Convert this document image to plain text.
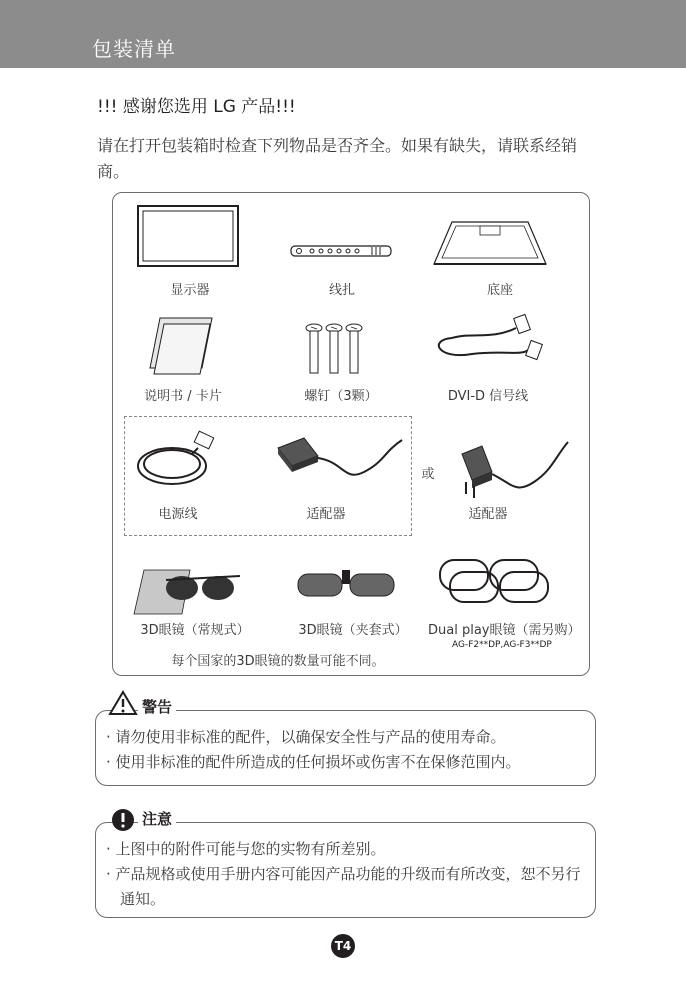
包装清单
!!! 感谢您选用 LG 产品!!!
请在打开包装箱时检查下列物品是否齐全。如果有缺失，请联系经销商。
显示器	线扎	底座
说明书 / 卡片	螺钉（3颗）	DVI-D 信号线
电源线	适配器
或
适配器
3D眼镜（常规式）	3D眼镜（夹套式）	Dual play眼镜（需另购）
AG-F2**DP,AG-F3**DP
每个国家的3D眼镜的数量可能不同。
· 请勿使用非标准的配件，以确保安全性与产品的使用寿命。
· 使用非标准的配件所造成的任何损坏或伤害不在保修范围内。
警告
· 上图中的附件可能与您的实物有所差别。
· 产品规格或使用手册内容可能因产品功能的升级而有所改变，恕不另行通知。
注意
T4
